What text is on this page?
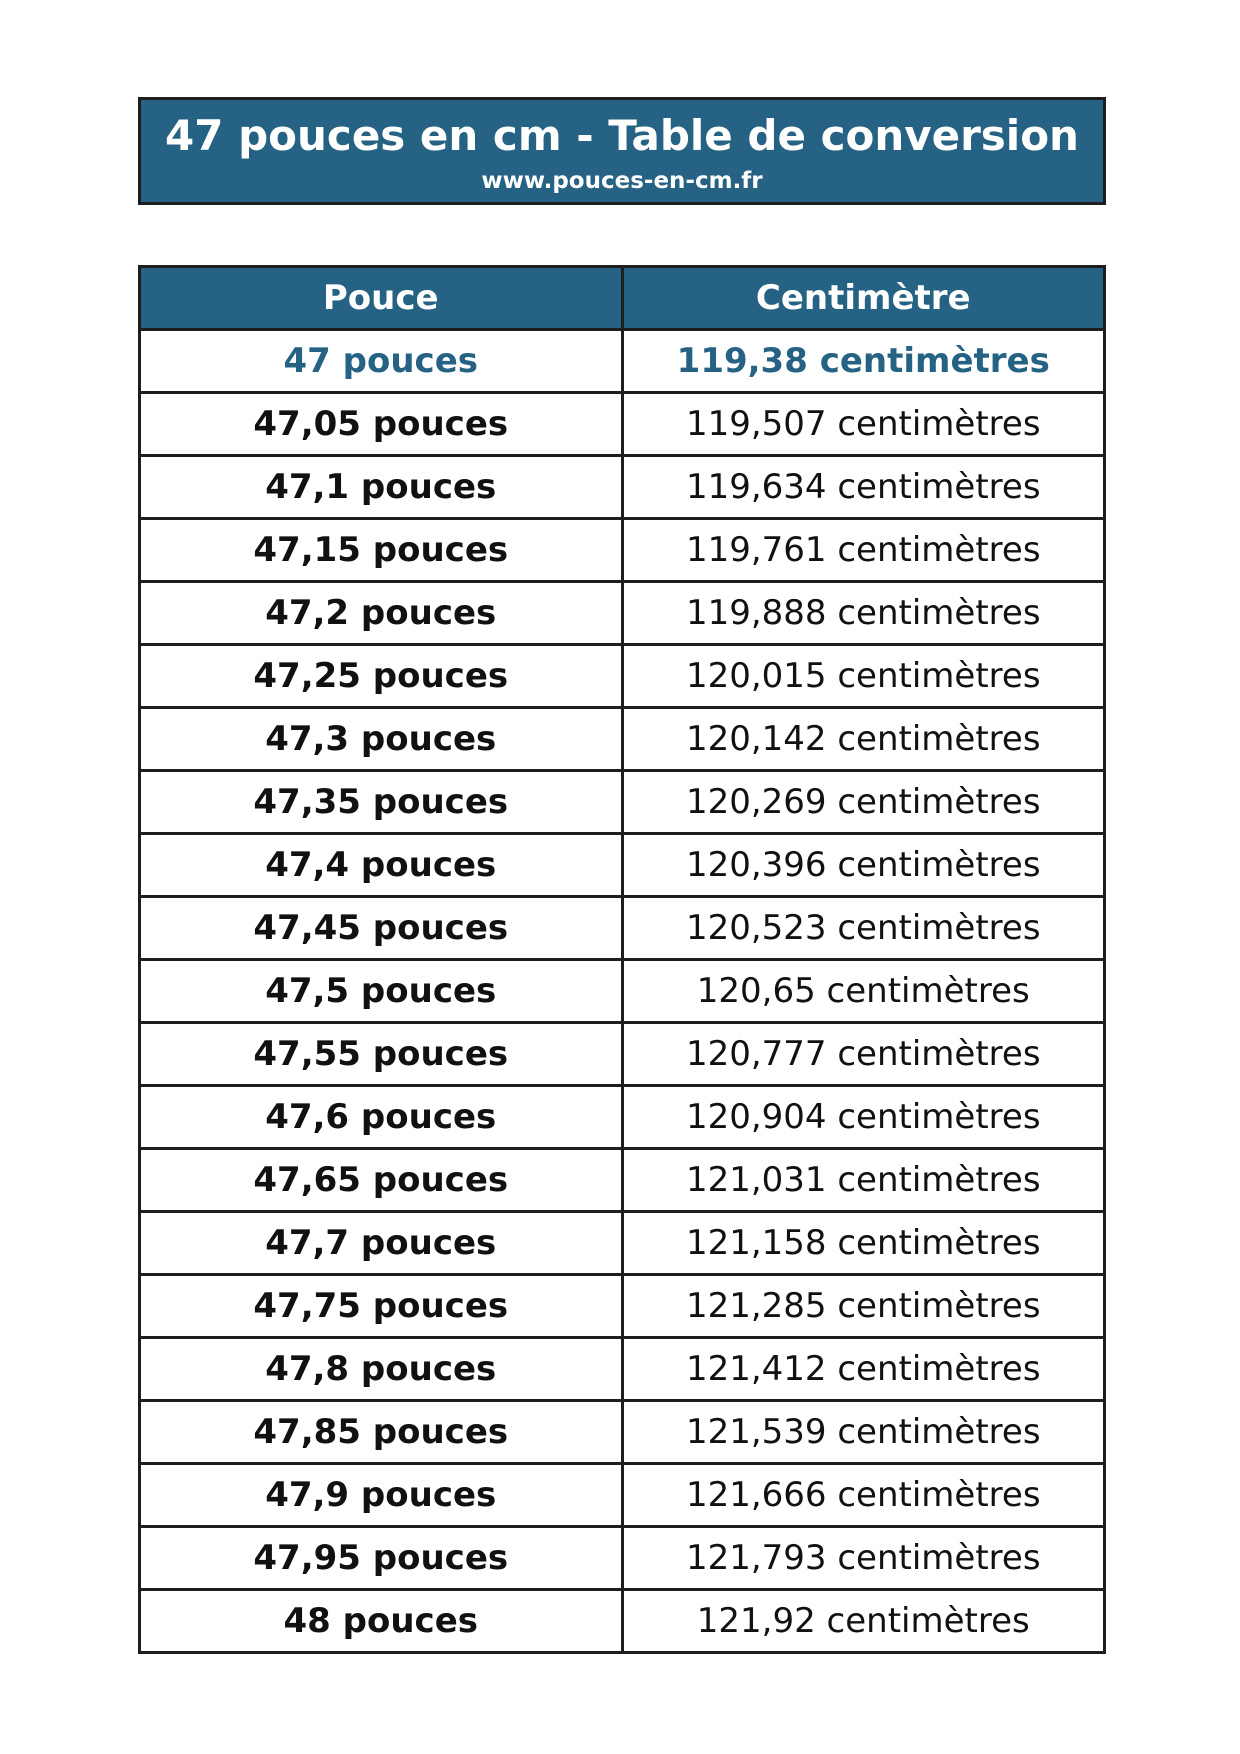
47 pouces en cm - Table de conversion
www.pouces-en-cm.fr
Pouce	Centimètre
47 pouces	119,38 centimètres
47,05 pouces	119,507 centimètres
47,1 pouces	119,634 centimètres
47,15 pouces	119,761 centimètres
47,2 pouces	119,888 centimètres
47,25 pouces	120,015 centimètres
47,3 pouces	120,142 centimètres
47,35 pouces	120,269 centimètres
47,4 pouces	120,396 centimètres
47,45 pouces	120,523 centimètres
47,5 pouces	120,65 centimètres
47,55 pouces	120,777 centimètres
47,6 pouces	120,904 centimètres
47,65 pouces	121,031 centimètres
47,7 pouces	121,158 centimètres
47,75 pouces	121,285 centimètres
47,8 pouces	121,412 centimètres
47,85 pouces	121,539 centimètres
47,9 pouces	121,666 centimètres
47,95 pouces	121,793 centimètres
48 pouces	121,92 centimètres
